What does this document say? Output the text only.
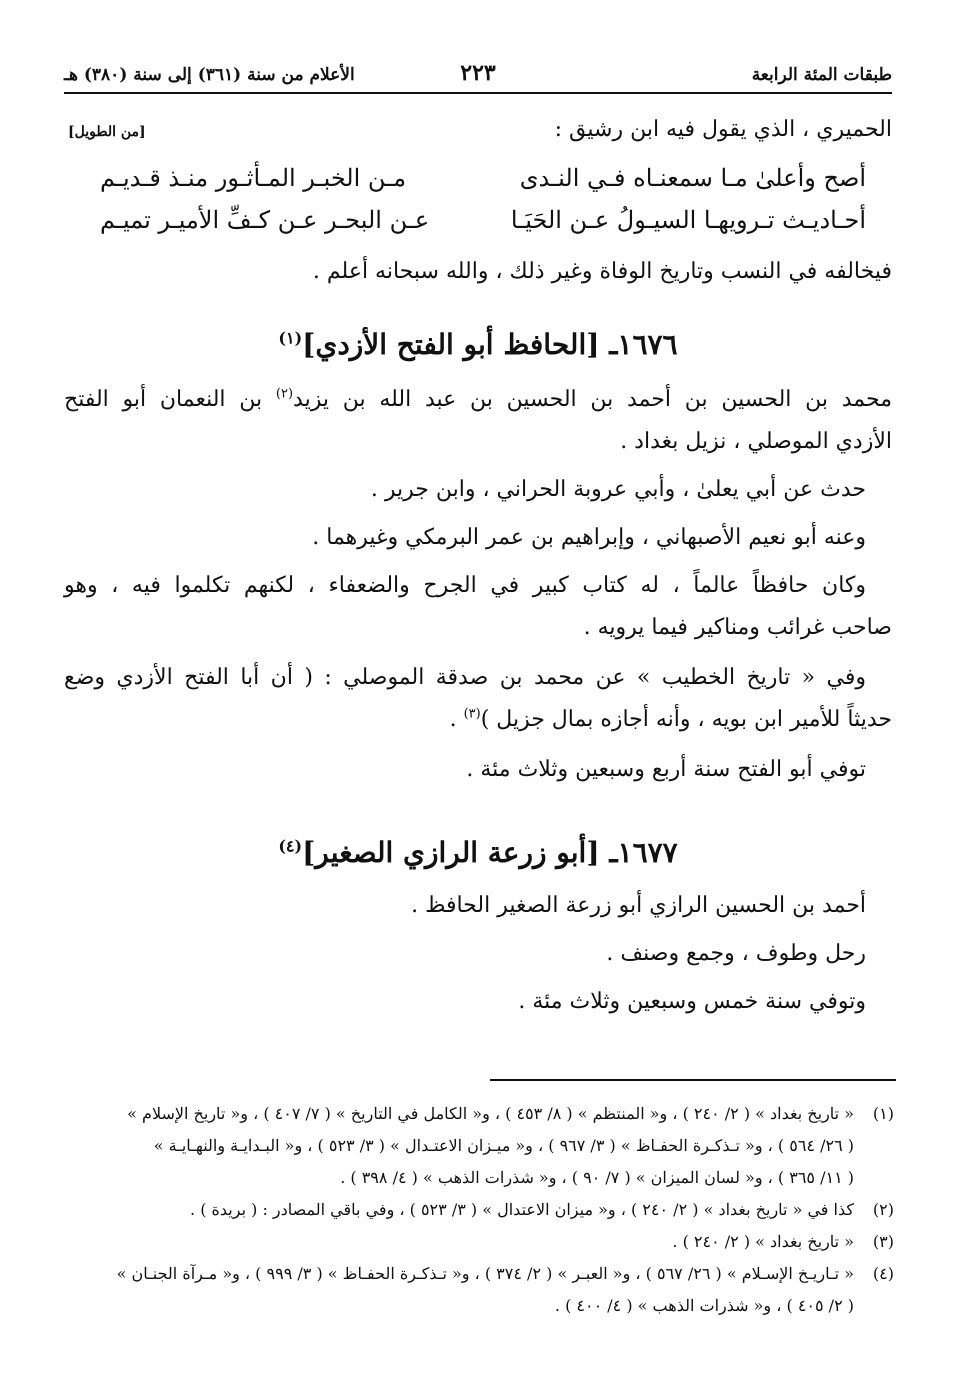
طبقات المئة الرابعة
٢٢٣
الأعلام من سنة (٣٦١) إلى سنة (٣٨٠) هـ
الحميري ، الذي يقول فيه ابن رشيق :
[من الطويل]
أصح وأعلىٰ مـا سمعنـاه فـي النـدى
مـن الخبـر المـأثـور منـذ قـديـم
أحـاديـث تـرويهـا السيـولُ عـن الحَيَـا
عـن البحـر عـن كـفِّ الأميـر تميـم
فيخالفه في النسب وتاريخ الوفاة وغير ذلك ، والله سبحانه أعلم .
١٦٧٦ـ [الحافظ أبو الفتح الأزدي]$^{(١)}$
محمد بن الحسين بن أحمد بن الحسين بن عبد الله بن يزيد$^{(٢)}$ بن النعمان أبو الفتح
الأزدي الموصلي ، نزيل بغداد .
حدث عن أبي يعلىٰ ، وأبي عروبة الحراني ، وابن جرير .
وعنه أبو نعيم الأصبهاني ، وإبراهيم بن عمر البرمكي وغيرهما .
وكان حافظاً عالماً ، له كتاب كبير في الجرح والضعفاء ، لكنهم تكلموا فيه ، وهو
صاحب غرائب ومناكير فيما يرويه .
وفي « تاريخ الخطيب » عن محمد بن صدقة الموصلي : ( أن أبا الفتح الأزدي وضع
حديثاً للأمير ابن بويه ، وأنه أجازه بمال جزيل )$^{(٣)}$ .
توفي أبو الفتح سنة أربع وسبعين وثلاث مئة .
١٦٧٧ـ [أبو زرعة الرازي الصغير]$^{(٤)}$
أحمد بن الحسين الرازي أبو زرعة الصغير الحافظ .
رحل وطوف ، وجمع وصنف .
وتوفي سنة خمس وسبعين وثلاث مئة .
(١)
« تاريخ بغداد » ( ٢/ ٢٤٠ ) ، و« المنتظم » ( ٨/ ٤٥٣ ) ، و« الكامل في التاريخ » ( ٧/ ٤٠٧ ) ، و« تاريخ الإسلام »
( ٢٦/ ٥٦٤ ) ، و« تـذكـرة الحفـاظ » ( ٣/ ٩٦٧ ) ، و« ميـزان الاعتـدال » ( ٣/ ٥٢٣ ) ، و« البـدايـة والنهـايـة »
( ١١/ ٣٦٥ ) ، و« لسان الميزان » ( ٧/ ٩٠ ) ، و« شذرات الذهب » ( ٤/ ٣٩٨ ) .
(٢)
كذا في « تاريخ بغداد » ( ٢/ ٢٤٠ ) ، و« ميزان الاعتدال » ( ٣/ ٥٢٣ ) ، وفي باقي المصادر : ( بريدة ) .
(٣)
« تاريخ بغداد » ( ٢/ ٢٤٠ ) .
(٤)
« تـاريـخ الإسـلام » ( ٢٦/ ٥٦٧ ) ، و« العبـر » ( ٢/ ٣٧٤ ) ، و« تـذكـرة الحفـاظ » ( ٣/ ٩٩٩ ) ، و« مـرآة الجنـان »
( ٢/ ٤٠٥ ) ، و« شذرات الذهب » ( ٤/ ٤٠٠ ) .
